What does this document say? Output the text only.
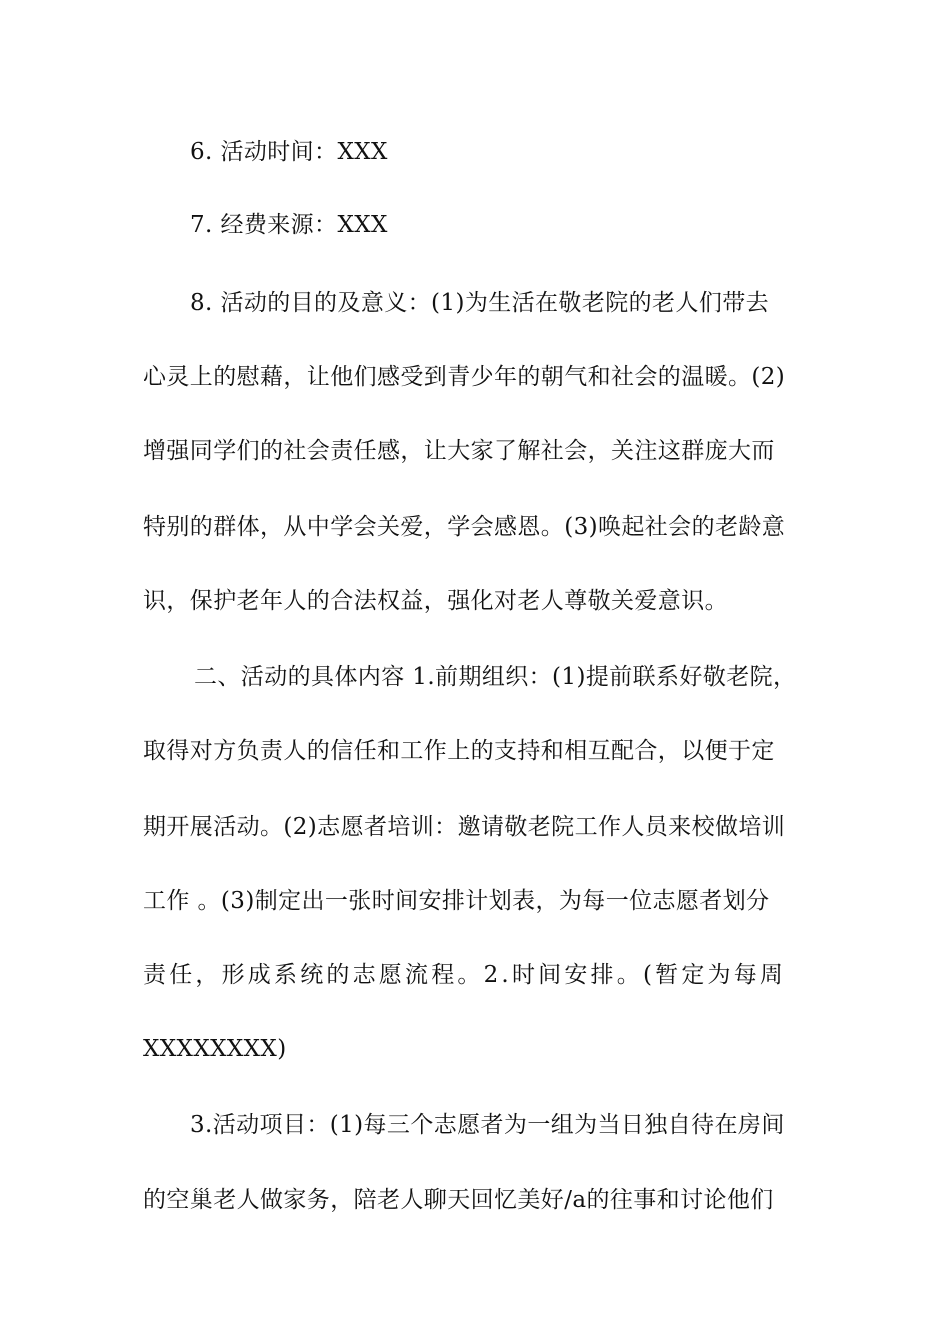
6. 活动时间：XXX
7. 经费来源：XXX
8. 活动的目的及意义：(1)为生活在敬老院的老人们带去
心灵上的慰藉，让他们感受到青少年的朝气和社会的温暖。(2)
增强同学们的社会责任感，让大家了解社会，关注这群庞大而
特别的群体，从中学会关爱，学会感恩。(3)唤起社会的老龄意
识，保护老年人的合法权益，强化对老人尊敬关爱意识。
二、活动的具体内容 1.前期组织：(1)提前联系好敬老院，
取得对方负责人的信任和工作上的支持和相互配合，以便于定
期开展活动。(2)志愿者培训：邀请敬老院工作人员来校做培训
工作 。(3)制定出一张时间安排计划表，为每一位志愿者划分
责任，形成系统的志愿流程。2.时间安排。(暂定为每周
XXXXXXXX)
3.活动项目：(1)每三个志愿者为一组为当日独自待在房间
的空巢老人做家务，陪老人聊天回忆美好/a的往事和讨论他们
